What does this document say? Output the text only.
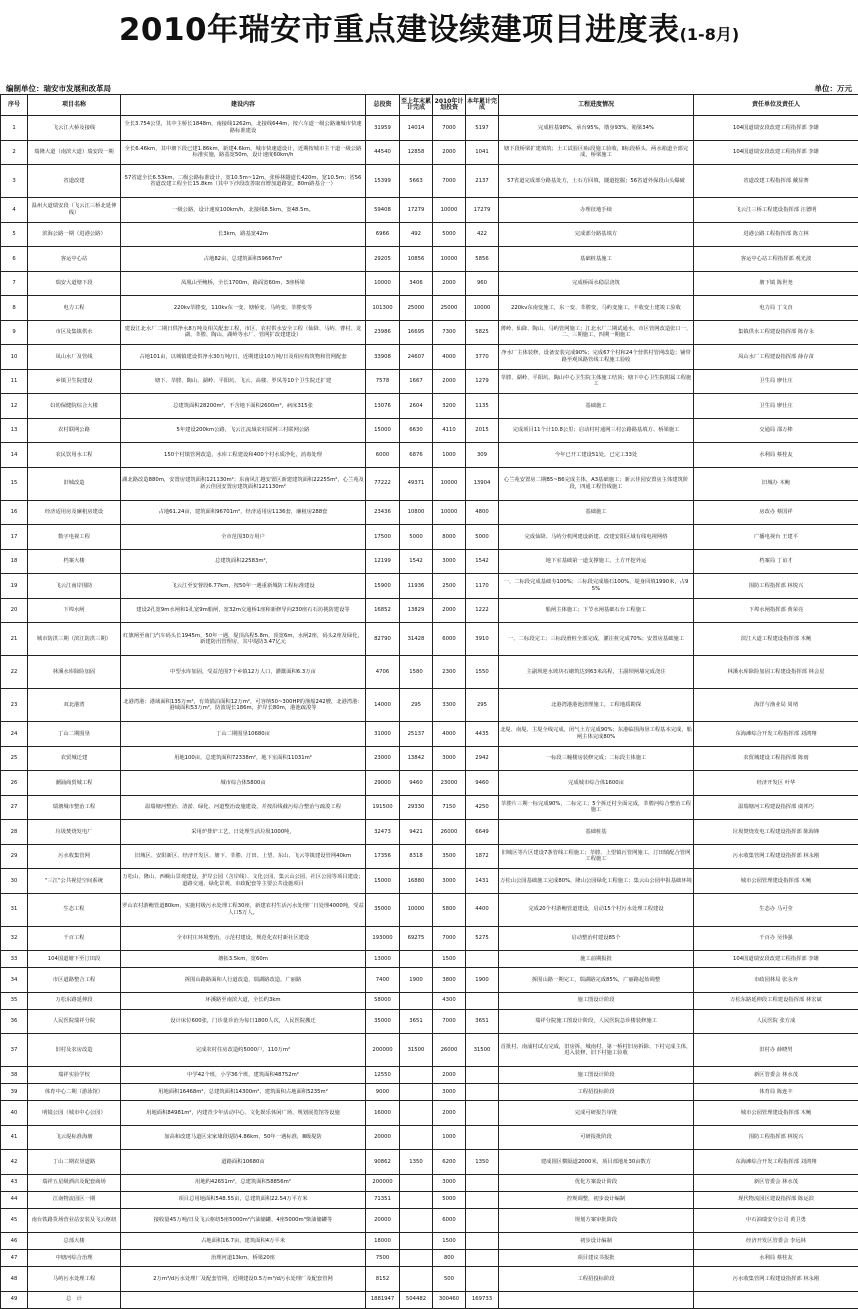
2010年瑞安市重点建设续建项目进度表(1-8月)
编制单位：瑞安市发展和改革局	单位：万元
序号	项目名称	建设内容	总投资	至上年末累计完成	2010年计划投资	本年累计完成	工程进度情况	责任单位及责任人
1	飞云江大桥及接线	全长3.754公里，其中主桥长1848m，南接线1262m，北接线644m，按六车道一级公路兼城市快速路标准建设	31959	14014	7000	5197	完成桩基98%，承台95%，墩身93%，箱梁34%	104国道瑞安段改建工程指挥部 李雄
2	瑞隆大道（南滨大道）瑞安段一期	全长6.46km，其中塘下段已建1.86km，新建4.6km，城市快速道设计，近期按城市主干道一级公路标准实施，路基宽50m，设计速度60km/h	44540	12858	2000	1041	塘下段桥梁扩建填筑；土工试验区Ⅰ标段施工验收，Ⅱ标段桥头、两水箱道全部完成，桥梁施工	104国道瑞安段改建工程指挥部 李雄
3	省道改建	57省道全长6.53km，二级公路标准设计，宽10.5m~12m，张桥林隧道长420m，宽10.5m；省56省道改建工程全长15.8km（其中下沙段改善取直增加道路宽，80m路基合一）	15399	5663	7000	2137	57省道完成部分路基处方，土石方回填，隧道挖掘；56省道外保段山头爆破	省道改建工程指挥部 戴显赛
4	温州大道瑞安段（飞云江三桥北延伸线）	一级公路，设计速度100km/h，北接线8.5km，宽48.5m。	59408	17279	10000	17279	办理征地手续	飞云江三桥工程建设指挥部 汪德明
5	滨海公路一期（进港公路）	长3km，路基宽42m	6966	492	5000	422	完成部分路基填方	进港公路工程指挥部 陈立林
6	客运中心站	占地82亩，总建筑面积59667m²	29205	10856	10000	5856	基础桩基施工	客运中心站工程指挥部 观光波
7	瑞安大道塘下段	凤凰山至鲍桥，全长1700m，路面宽60m，3座桥梁	10000	3406	2000	960	完成桥面水稳层浇筑	塘下镇 陈世尧
8	电力工程	220kv莘塍变，110kv东一变、塘桥变、马屿变、莘塍变等	101300	25000	25000	10000	220kv东南变施工，东一变、莘塍变，马屿变施工，丰收变土建竣工验收	电力局 丁文直
9	市区及集镇供水	建设江北水厂二期日供净水8万吨及相关配套工程，市区、农村供水安全工程（仙降、马屿、曹村、龙湖、莘塍、陶山、湖岭等水厂、管网扩改建建设）	23986	16695	7300	5825	薄岭、仙降、陶山、马屿管网施工；江北水厂二期试通水，市区管网改造张口一、二、三期施工，四期一期施工	集镇供水工程建设指挥部 陈存永
10	凤山水厂及管线	占地101亩，以城镇建设供净水30万吨/日，近期建设10万吨/日及相应构筑物和管网配套	33908	24607	4000	3770	净水厂主体装修，设备安装完成90%；完成67个村和24个营供村管网改造；铺带路至观凤路管线工程施工验收	凤山水厂工程建设指挥部 薛存苗
11	乡镇卫生院建设	塘下、莘塍、陶山、湖岭、平阳坑、飞云、高楼、罗凤等10个卫生院迁扩建	7578	1667	2000	1279	莘塍、湖岭、平阳坑、陶山中心卫生院主体施工结顶；塘下中心卫生院附属工程施工	卫生局 廖仕庄
12	妇幼保健院综合大楼	总建筑面积28200m²，不含地下面积2600m²，病床315张	13076	2604	3200	1135	基础施工	卫生局 廖仕庄
13	农村联网公路	5年建设200km公路，飞云江流域农村联网三村联网公路	15000	6630	4110	2015	完成项目11个计10.8公里；启动村村通网三村公路路基填方、桥梁施工	交通局 邵万棒
14	农民饮用水工程	150个村镇管网改造，水库工程建设和400个村水质净化，消毒处理	6000	6876	1000	309	今年已开工建设51处，已完工33处	水利局 蔡桂友
15	旧城改造	湖北路改造880m，安置房建筑面积121130m²；东南风汇越安置区新建建筑面积22255m²，心兰苑及新云佳园安置房建筑面积121130m²	77222	49371	10000	13904	心兰苑安置房二期B5~B6完成主体，A3基础施工；新云佳园安置房主体建筑阶段，四通工程管线施工	旧城办 木鲍
16	经济适用房及廉租房建设	占地61.24亩，建筑面积96701m²，经济适用房1136套，廉租房288套	23436	10800	10000	4800	基础施工	房改办 蔡国祥
17	数字电视工程	全市范围30万用户	17500	5000	8000	5000	完成仙降、马屿分机网建设新建、改建安阳区域有线电视网络	广播电视台 王建平
18	档案大楼	总建筑面积22583m²，	12199	1542	3000	1542	地下室基础第一道支撑施工，土方开挖外运	档案局 丁谊才
19	飞云江南岸围防	飞云江至安督段6.77km，按50年一遇重新城防工程标准建设	15900	11936	2500	1170	一、二标段完成基础夯100%；三标段完成墙石100%，堤身回填1990米，占95%	围防工程指挥部 林锐兴
20	下埠水闸	建设2孔宽9m水闸和1孔宽9m船闸，宽32m交通桥1座和新修导向230座石石坊挑防建设等	16852	13829	2000	1222	船闸主体施工；下节水闸基础石台工程施工	下埠水闸指挥部 黄荣亮
21	城市防洪三期（滨江防洪三期）	红旗闸至南门汽车码头长1945m，50年一遇，堤顶高程5.8m，顶宽6m，水闸2座，码头2座及绿化，新建防汛管理房，其中堤防3.47亿元	82790	31428	6000	3910	一、二标段完工；三标段滑桩全部完成，灌注桩完成70%；安置房基础施工	滨江大道工程建设指挥部 木鲍
22	林溪水库除险加固	中型水库加固，受益范围7个乡镇12万人口，灌溉面积6.3万亩	4706	1580	2300	1550	主副坝迎水坡块石砌筑达到63米高程，主副坝闸墙完成浇注	林溪水库除险加固工程建设指挥部 林会星
23	双北港湾	北港湾港：港域面积135万m²，有效锚泊面积12万m²，可容纳50~300HP的渔船242艘，北港湾港：港域面积53万m²，防波堤长186m，护岸长80m，港池疏浚等	14000	295	3300	295	北港湾港港池清理施工，工程地质勘探	海洋与渔业局 周靖
24	丁山二期围垦	丁山二期围垦10680亩	31000	25137	4000	4435	北堤、南堤、主堤全线完成，闭气土方完成90%；东港临围海垦工程基本完成，船闸主体完成80%	东海滩综合开发工程指挥部 刘鸿翔
25	农贸城迁建	用地100亩，总建筑面积72338m²，地下室面积11031m²	23000	13842	3000	2942	一标段三幢楼房装修完成；二标段主体施工	农贸城建设工程指挥部 陈雨
26	潮涌商贸城工程	城市综合体5800亩	29000	9460	23000	9460	完成城市综合体1600亩	经济开发区 叶华
27	瑞塘城市整治工程	温瑞塘河整治、清淤、绿化、河道整治设施建设，并按沿线截污综合整治与疏浚工程	191500	29330	7150	4250	莘塍片三期一标完成90%，二标完工；5个拆迁村全面完成，莘塍河综合整治工程施工	温瑞塘河工程建设指挥部 虞邦巧
28	垃圾焚烧发电厂	采用炉排炉工艺，日处理生活垃圾1000吨，	32473	9421	26000	6649	基础桩基	垃圾焚烧发电工程建设指挥部 陈海锋
29	污水收集管网	旧城区、安阳新区、经济开发区、塘下、莘塍、汀田、上望、东山、飞云等镇建设管网40km	17356	8318	3500	1872	旧城区等片区建设7条管线工程施工；莘塍、上望镇污管网施工，汀田镇配合管网工程施工	污水收集管网工程建设指挥部 林永刚
30	"三江"公共视觉空间系统	万松山、隆山、西岘山景观建设，护岸公园（含岸线）、文化公园、集云山公园、社区公园等项目建设；道路交通、绿化景观、市政配套等主要公共设施项目	15000	16880	3000	1431	万松山公园基础施工完成80%，隆山公园绿化工程施工；集云山公园申报基础环境	城市公园管理建设指挥部 木鲍
31	生态工程	罗山农村游鲍管道80km，实施村级污水处理工程30座，新建农村生活污水处理厂日处理4000吨，受益人口5万人。	35000	10000	5800	4400	完成20个村游鲍管道建设，启动15个村污水处理工程建设	生态办 马可莹
32	千百工程	全市村庄环境整治，示范村建设，规范化农村新社区建设	193000	69275	7000	5275	启动整治村建设85个	千百办 吴伟强
33	104国道塘下至汀田段	塘拓3.5km，宽60m	13000		1500		施工前期报批	104国道瑞安段改建工程指挥部 李雄
34	市区道路整合工程	拆围山路路面和人行道改造，瑞湖路改造，广丽路	7400	1900	3800	1900	拆围山路一期完工，瑞湖路完成85%，广丽路起始调整	市政园林局 张永弃
35	万松东路延伸段	环溪路至南滨大道，全长约3km	58000		4300		施工图设计阶段	万松东路延伸段工程建设指挥部 林宏斌
36	人民医院瑞祥分院	设计床位600张，门诊量诊治为每日1800人次，人民医院搬迁	35000	3651	7000	3651	瑞祥分院施工图设计阶段，人民医院急诊楼装修施工	人民医院 张方成
37	旧村及农房改造	完成农村住房改造约5000户，110万m²	200000	31500	26000	31500	首批村、南浦村试点完成，旧房拆，城南村、第一桥村旧房拆除、下村完成主体，进入装修，旧下村施工验收	旧村办 薛晓男
38	瑞祥实验学校	中学42个班，小学36个班，建筑面积48752m²	12550		2000		施工图设计阶段	新区管委会 林水茂
39	体育中心二期（游泳馆）	用地面积16468m²，总建筑面积14300m²，建筑面积占地面积5235m²	9000		3000		工程招投标阶段	体育局 陈连丰
40	明镜公园（城市中心公园）	用地面积84981m²，内建青少年活动中心、文化娱乐休闲广场、规划展览馆等设施	16000		2000		完成可研报告审批	城市公园管理建设指挥部 木鲍
41	飞云堤标准海塘	加高和改建马道区宋家埭段堤防4.86km，50年一遇标准，Ⅲ级堤防	20000		1000		可研报批阶段	围防工程指挥部 林锐兴
42	丁山二期农垦道路	道路面积10680亩	90862	1350	6200	1350	建成围区横隔道2000米，项目部地址30亩数方	东海滩综合开发工程指挥部 刘鸿翔
43	瑞祥五星级酒店及配套商场	用地约42651m²，总建筑面积58856m²	200000		3000		优化方案设计阶段	新区管委会 林水茂
44	江南物流园区一期	项目总用地面积548.55亩，总建筑面积22.54万平方米	71351		5000		控规调整，初步设计编制	现代物流园区建设指挥部 陈运滨
45	南台铁路货场营业站安装及飞云枢纽	接收量45万吨/日及飞云枢纽5座5000m²汽油储罐，4座5000m³柴油储罐等	20000		6000		规划方案审批阶段	中石油瑞安分公司 黄卫勇
46	总部大楼	占地面积16.7亩，建筑面积4万平米	18000		1500		初步设计编制	经济开发区管委会 李远林
47	中塘河综合治理	治理河道13km，桥梁20座	7500		800		项目建议书报批	水利局 蔡桂友
48	马屿污水处理工程	2万m³/d污水处理厂及配套管网，近期建设0.5万m³/d污水处理厂及配套管网	8152		500		工程招投标阶段	污水收集管网工程建设指挥部 林永刚
49	总　计		1881947	504482	300460	169733		
